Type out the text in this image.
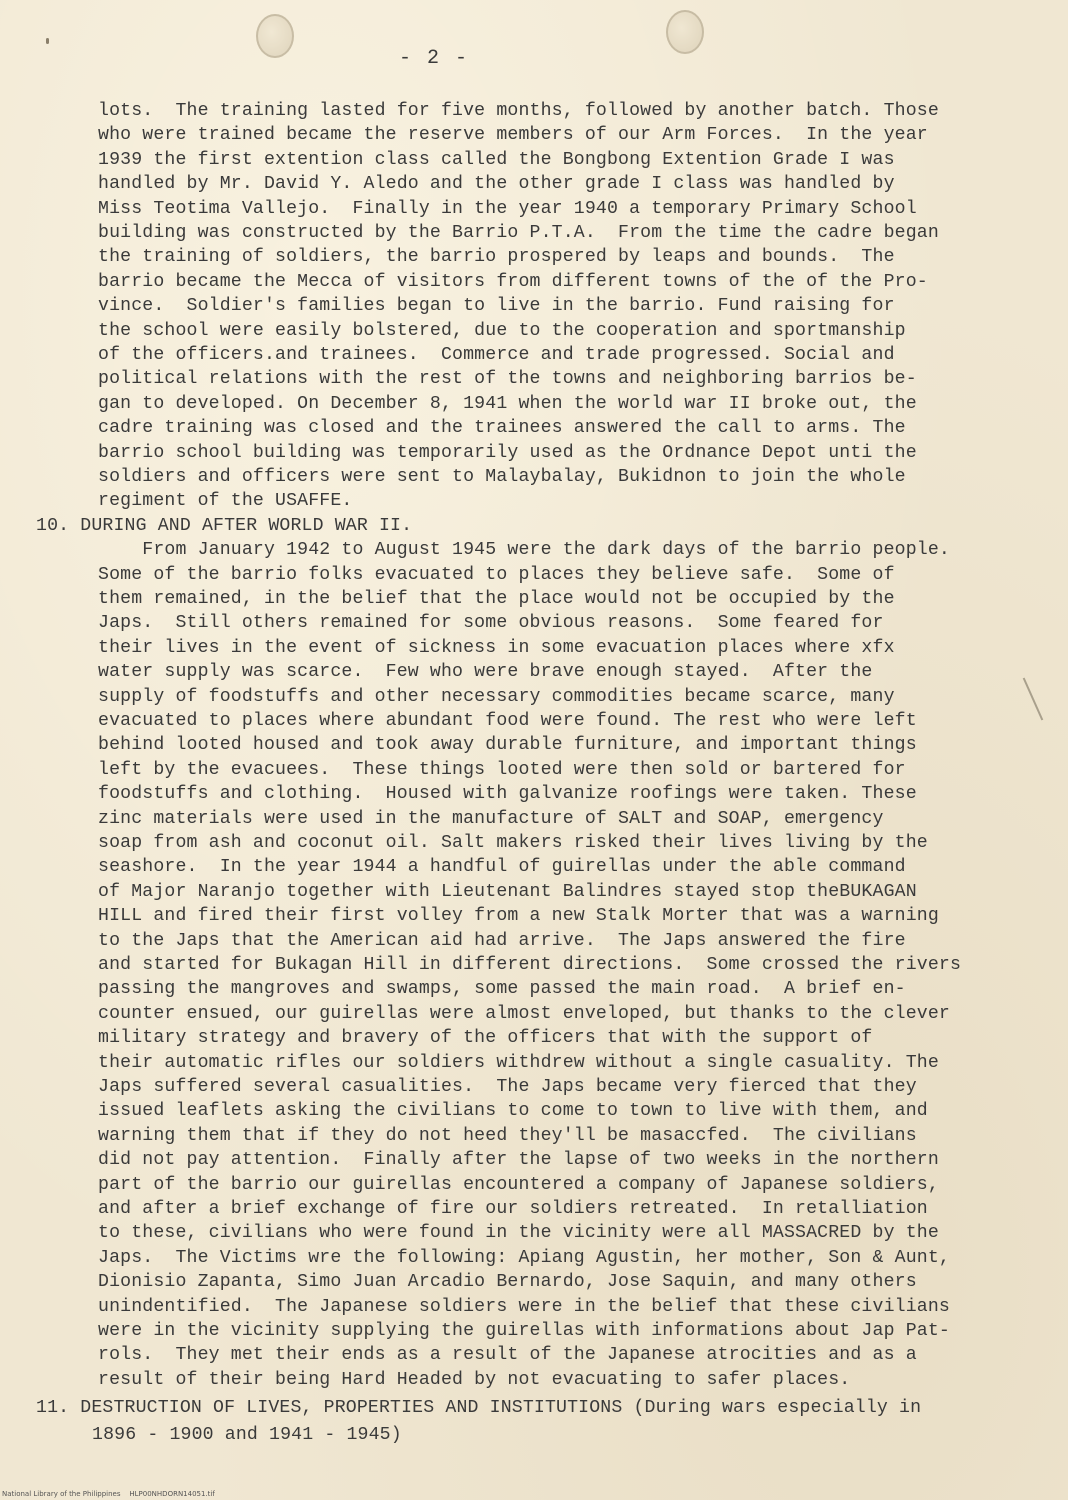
- 2 -
lots.  The training lasted for five months, followed by another batch. Those
who were trained became the reserve members of our Arm Forces.  In the year
1939 the first extention class called the Bongbong Extention Grade I was
handled by Mr. David Y. Aledo and the other grade I class was handled by
Miss Teotima Vallejo.  Finally in the year 1940 a temporary Primary School
building was constructed by the Barrio P.T.A.  From the time the cadre began
the training of soldiers, the barrio prospered by leaps and bounds.  The
barrio became the Mecca of visitors from different towns of the of the Pro-
vince.  Soldier's families began to live in the barrio. Fund raising for
the school were easily bolstered, due to the cooperation and sportmanship
of the officers.and trainees.  Commerce and trade progressed. Social and
political relations with the rest of the towns and neighboring barrios be-
gan to developed. On December 8, 1941 when the world war II broke out, the
cadre training was closed and the trainees answered the call to arms. The
barrio school building was temporarily used as the Ordnance Depot unti the
soldiers and officers were sent to Malaybalay, Bukidnon to join the whole
regiment of the USAFFE.
10. DURING AND AFTER WORLD WAR II.
From January 1942 to August 1945 were the dark days of the barrio people.
Some of the barrio folks evacuated to places they believe safe.  Some of
them remained, in the belief that the place would not be occupied by the
Japs.  Still others remained for some obvious reasons.  Some feared for
their lives in the event of sickness in some evacuation places where xfx
water supply was scarce.  Few who were brave enough stayed.  After the
supply of foodstuffs and other necessary commodities became scarce, many
evacuated to places where abundant food were found. The rest who were left
behind looted housed and took away durable furniture, and important things
left by the evacuees.  These things looted were then sold or bartered for
foodstuffs and clothing.  Housed with galvanize roofings were taken. These
zinc materials were used in the manufacture of SALT and SOAP, emergency
soap from ash and coconut oil. Salt makers risked their lives living by the
seashore.  In the year 1944 a handful of guirellas under the able command
of Major Naranjo together with Lieutenant Balindres stayed stop theBUKAGAN
HILL and fired their first volley from a new Stalk Morter that was a warning
to the Japs that the American aid had arrive.  The Japs answered the fire
and started for Bukagan Hill in different directions.  Some crossed the rivers
passing the mangroves and swamps, some passed the main road.  A brief en-
counter ensued, our guirellas were almost enveloped, but thanks to the clever
military strategy and bravery of the officers that with the support of
their automatic rifles our soldiers withdrew without a single casuality. The
Japs suffered several casualities.  The Japs became very fierced that they
issued leaflets asking the civilians to come to town to live with them, and
warning them that if they do not heed they'll be masaccfed.  The civilians
did not pay attention.  Finally after the lapse of two weeks in the northern
part of the barrio our guirellas encountered a company of Japanese soldiers,
and after a brief exchange of fire our soldiers retreated.  In retalliation
to these, civilians who were found in the vicinity were all MASSACRED by the
Japs.  The Victims wre the following: Apiang Agustin, her mother, Son & Aunt,
Dionisio Zapanta, Simo Juan Arcadio Bernardo, Jose Saquin, and many others
unindentified.  The Japanese soldiers were in the belief that these civilians
were in the vicinity supplying the guirellas with informations about Jap Pat-
rols.  They met their ends as a result of the Japanese atrocities and as a
result of their being Hard Headed by not evacuating to safer places.
11. DESTRUCTION OF LIVES, PROPERTIES AND INSTITUTIONS (During wars especially in
1896 - 1900 and 1941 - 1945)
National Library of the Philippines    HLP00NHDORN14051.tif
